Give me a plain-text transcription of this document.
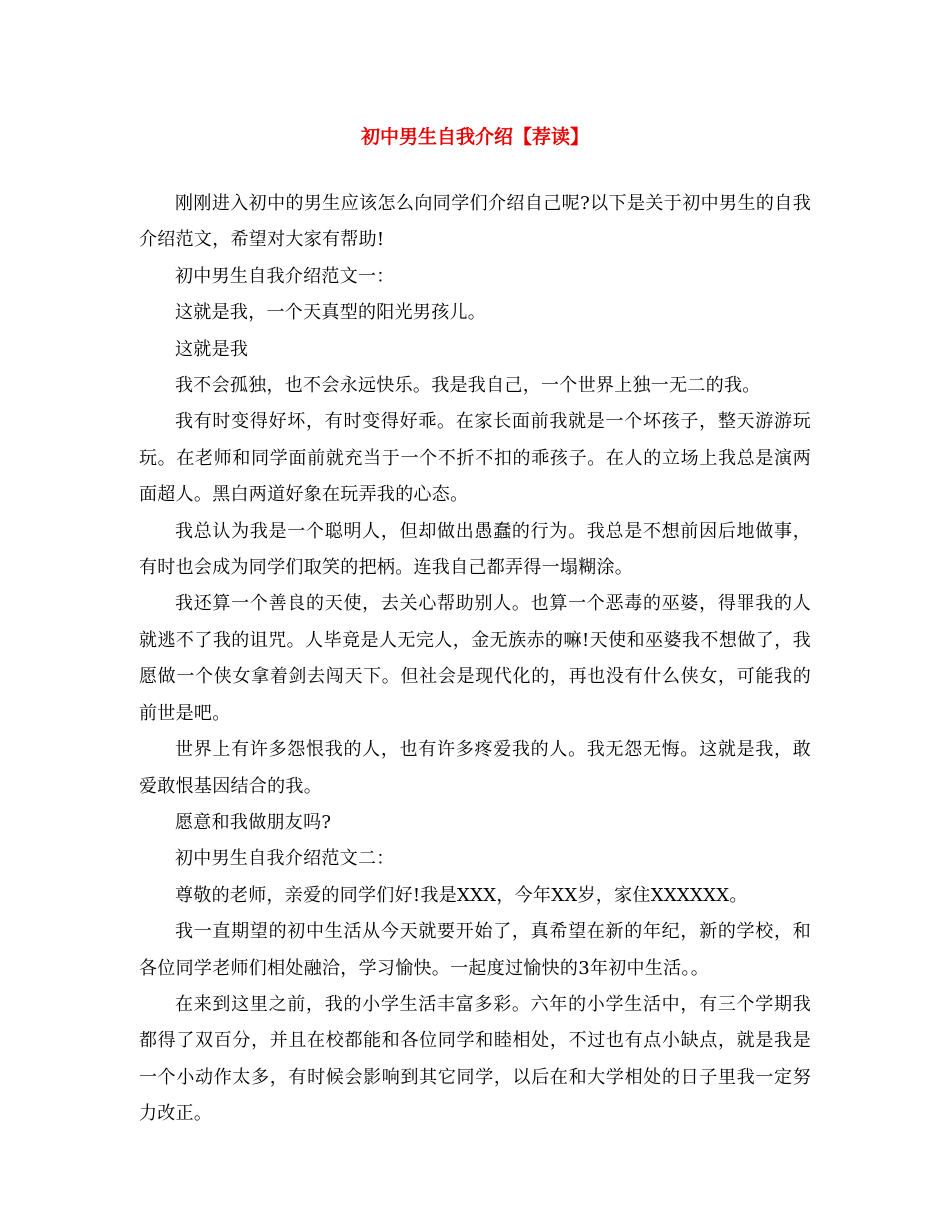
初中男生自我介绍【荐读】

刚刚进入初中的男生应该怎么向同学们介绍自己呢?以下是关于初中男生的自我介绍范文，希望对大家有帮助!

初中男生自我介绍范文一：

这就是我，一个天真型的阳光男孩儿。

这就是我

我不会孤独，也不会永远快乐。我是我自己，一个世界上独一无二的我。

我有时变得好坏，有时变得好乖。在家长面前我就是一个坏孩子，整天游游玩玩。在老师和同学面前就充当于一个不折不扣的乖孩子。在人的立场上我总是演两面超人。黑白两道好象在玩弄我的心态。

我总认为我是一个聪明人，但却做出愚蠢的行为。我总是不想前因后地做事，有时也会成为同学们取笑的把柄。连我自己都弄得一塌糊涂。

我还算一个善良的天使，去关心帮助别人。也算一个恶毒的巫婆，得罪我的人就逃不了我的诅咒。人毕竟是人无完人，金无族赤的嘛!天使和巫婆我不想做了，我愿做一个侠女拿着剑去闯天下。但社会是现代化的，再也没有什么侠女，可能我的前世是吧。

世界上有许多怨恨我的人，也有许多疼爱我的人。我无怨无悔。这就是我，敢爱敢恨基因结合的我。

愿意和我做朋友吗?

初中男生自我介绍范文二：

尊敬的老师，亲爱的同学们好!我是XXX，今年XX岁，家住XXXXXX。

我一直期望的初中生活从今天就要开始了，真希望在新的年纪，新的学校，和各位同学老师们相处融洽，学习愉快。一起度过愉快的3年初中生活。。

在来到这里之前，我的小学生活丰富多彩。六年的小学生活中，有三个学期我都得了双百分，并且在校都能和各位同学和睦相处，不过也有点小缺点，就是我是一个小动作太多，有时候会影响到其它同学，以后在和大学相处的日子里我一定努力改正。
